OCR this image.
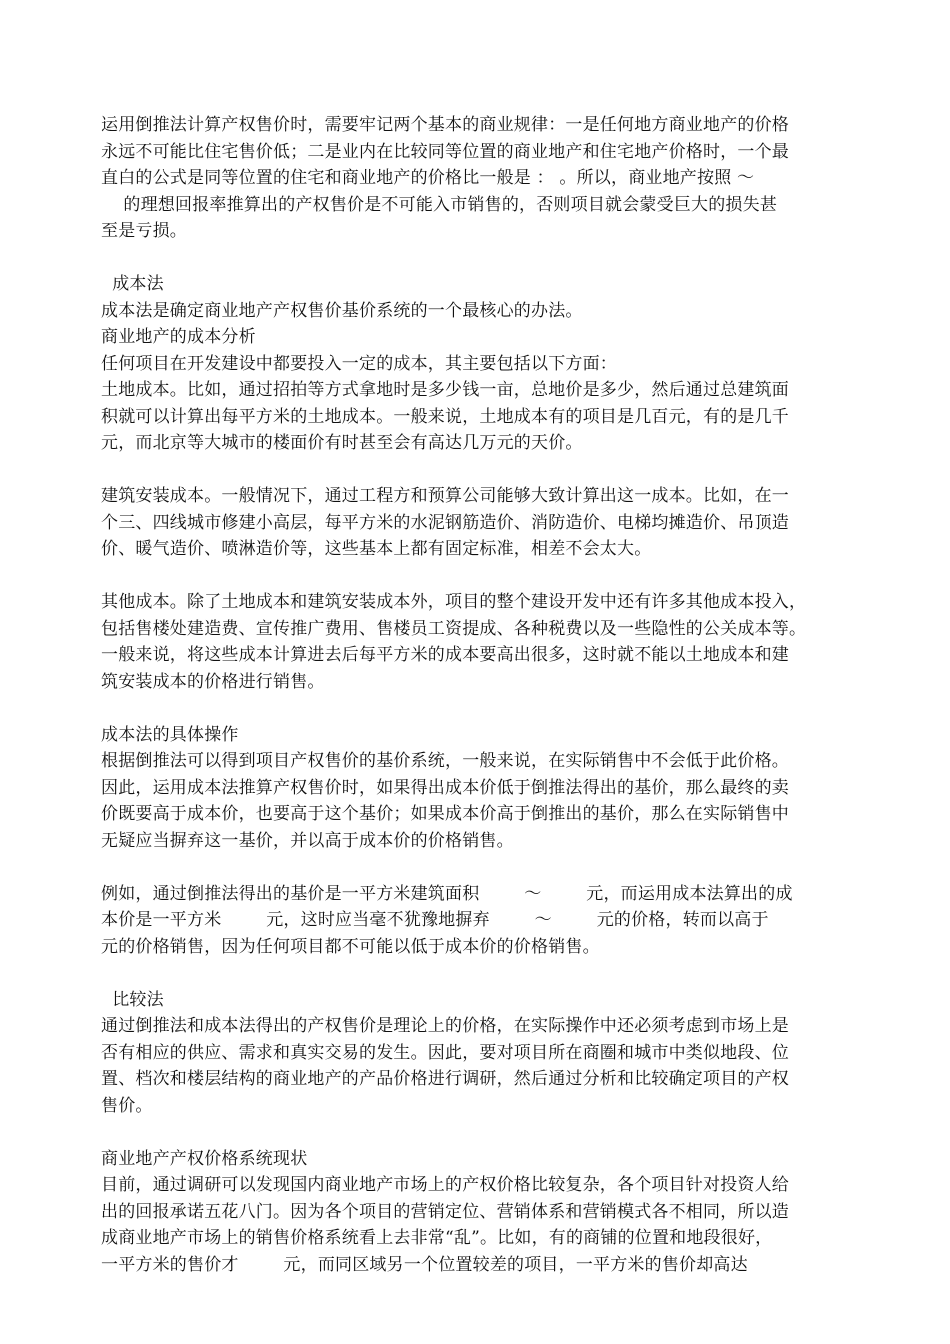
运用倒推法计算产权售价时，需要牢记两个基本的商业规律：一是任何地方商业地产的价格
永远不可能比住宅售价低；二是业内在比较同等位置的商业地产和住宅地产价格时，一个最
直白的公式是同等位置的住宅和商业地产的价格比一般是 ： 。所以，商业地产按照 ～
的理想回报率推算出的产权售价是不可能入市销售的，否则项目就会蒙受巨大的损失甚
至是亏损。
成本法
成本法是确定商业地产产权售价基价系统的一个最核心的办法。
商业地产的成本分析
任何项目在开发建设中都要投入一定的成本，其主要包括以下方面：
土地成本。比如，通过招拍等方式拿地时是多少钱一亩，总地价是多少，然后通过总建筑面
积就可以计算出每平方米的土地成本。一般来说，土地成本有的项目是几百元，有的是几千
元，而北京等大城市的楼面价有时甚至会有高达几万元的天价。
建筑安装成本。一般情况下，通过工程方和预算公司能够大致计算出这一成本。比如，在一
个三、四线城市修建小高层，每平方米的水泥钢筋造价、消防造价、电梯均摊造价、吊顶造
价、暖气造价、喷淋造价等，这些基本上都有固定标准，相差不会太大。
其他成本。除了土地成本和建筑安装成本外，项目的整个建设开发中还有许多其他成本投入，
包括售楼处建造费、宣传推广费用、售楼员工资提成、各种税费以及一些隐性的公关成本等。
一般来说，将这些成本计算进去后每平方米的成本要高出很多，这时就不能以土地成本和建
筑安装成本的价格进行销售。
成本法的具体操作
根据倒推法可以得到项目产权售价的基价系统，一般来说，在实际销售中不会低于此价格。
因此，运用成本法推算产权售价时，如果得出成本价低于倒推法得出的基价，那么最终的卖
价既要高于成本价，也要高于这个基价；如果成本价高于倒推出的基价，那么在实际销售中
无疑应当摒弃这一基价，并以高于成本价的价格销售。
例如，通过倒推法得出的基价是一平方米建筑面积        ～        元，而运用成本法算出的成
本价是一平方米        元，这时应当毫不犹豫地摒弃        ～        元的价格，转而以高于
元的价格销售，因为任何项目都不可能以低于成本价的价格销售。
比较法
通过倒推法和成本法得出的产权售价是理论上的价格，在实际操作中还必须考虑到市场上是
否有相应的供应、需求和真实交易的发生。因此，要对项目所在商圈和城市中类似地段、位
置、档次和楼层结构的商业地产的产品价格进行调研，然后通过分析和比较确定项目的产权
售价。
商业地产产权价格系统现状
目前，通过调研可以发现国内商业地产市场上的产权价格比较复杂，各个项目针对投资人给
出的回报承诺五花八门。因为各个项目的营销定位、营销体系和营销模式各不相同，所以造
成商业地产市场上的销售价格系统看上去非常“乱”。比如，有的商铺的位置和地段很好，
一平方米的售价才        元，而同区域另一个位置较差的项目，一平方米的售价却高达
